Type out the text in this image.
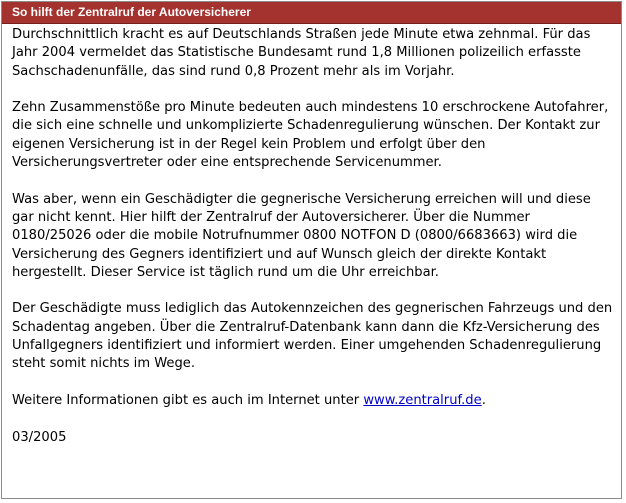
So hilft der Zentralruf der Autoversicherer

Durchschnittlich kracht es auf Deutschlands Straßen jede Minute etwa zehnmal. Für das Jahr 2004 vermeldet das Statistische Bundesamt rund 1,8 Millionen polizeilich erfasste Sachschadenunfälle, das sind rund 0,8 Prozent mehr als im Vorjahr.

Zehn Zusammenstöße pro Minute bedeuten auch mindestens 10 erschrockene Autofahrer, die sich eine schnelle und unkomplizierte Schadenregulierung wünschen. Der Kontakt zur eigenen Versicherung ist in der Regel kein Problem und erfolgt über den Versicherungsvertreter oder eine entsprechende Servicenummer.

Was aber, wenn ein Geschädigter die gegnerische Versicherung erreichen will und diese gar nicht kennt. Hier hilft der Zentralruf der Autoversicherer. Über die Nummer 0180/25026 oder die mobile Notrufnummer 0800 NOTFON D (0800/6683663) wird die Versicherung des Gegners identifiziert und auf Wunsch gleich der direkte Kontakt hergestellt. Dieser Service ist täglich rund um die Uhr erreichbar.

Der Geschädigte muss lediglich das Autokennzeichen des gegnerischen Fahrzeugs und den Schadentag angeben. Über die Zentralruf-Datenbank kann dann die Kfz-Versicherung des Unfallgegners identifiziert und informiert werden. Einer umgehenden Schadenregulierung steht somit nichts im Wege.

Weitere Informationen gibt es auch im Internet unter www.zentralruf.de.

03/2005
